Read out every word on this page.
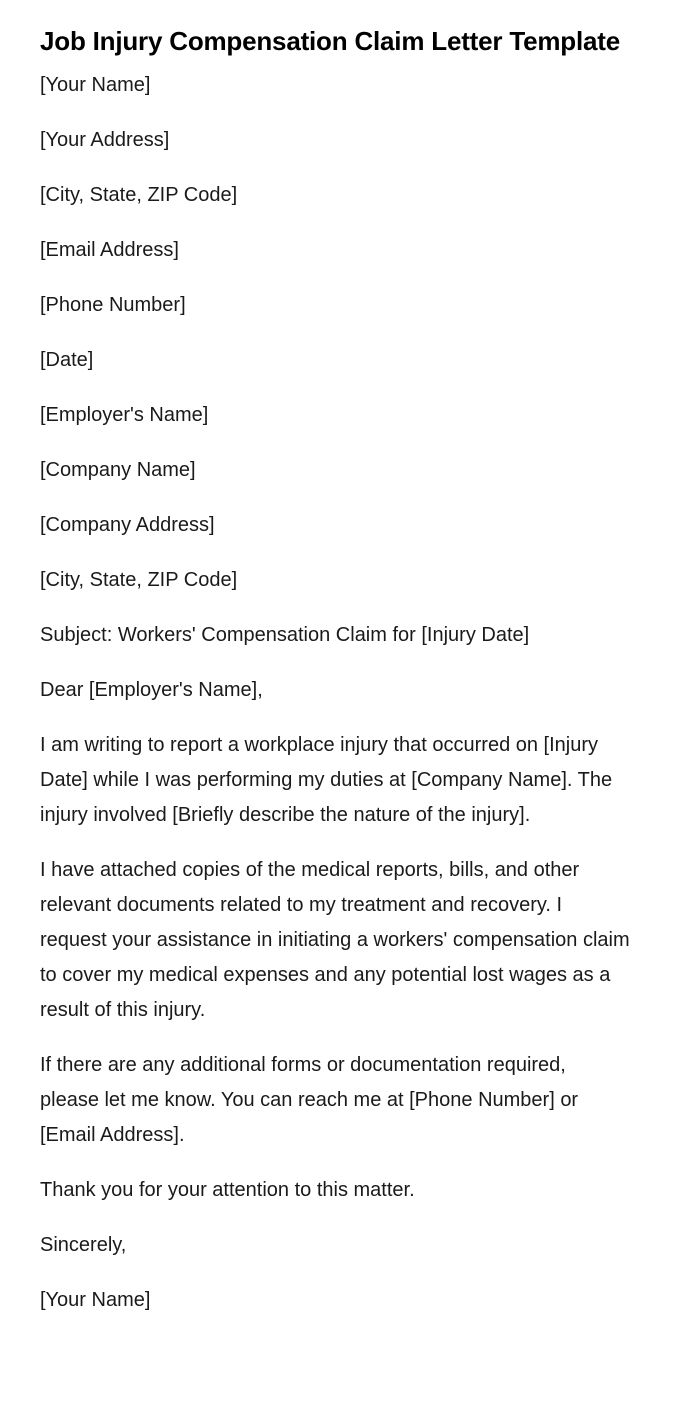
Job Injury Compensation Claim Letter Template

[Your Name]

[Your Address]

[City, State, ZIP Code]

[Email Address]

[Phone Number]

[Date]

[Employer's Name]

[Company Name]

[Company Address]

[City, State, ZIP Code]

Subject: Workers' Compensation Claim for [Injury Date]

Dear [Employer's Name],

I am writing to report a workplace injury that occurred on [Injury Date] while I was performing my duties at [Company Name]. The injury involved [Briefly describe the nature of the injury].

I have attached copies of the medical reports, bills, and other relevant documents related to my treatment and recovery. I request your assistance in initiating a workers' compensation claim to cover my medical expenses and any potential lost wages as a result of this injury.

If there are any additional forms or documentation required, please let me know. You can reach me at [Phone Number] or [Email Address].

Thank you for your attention to this matter.

Sincerely,

[Your Name]
